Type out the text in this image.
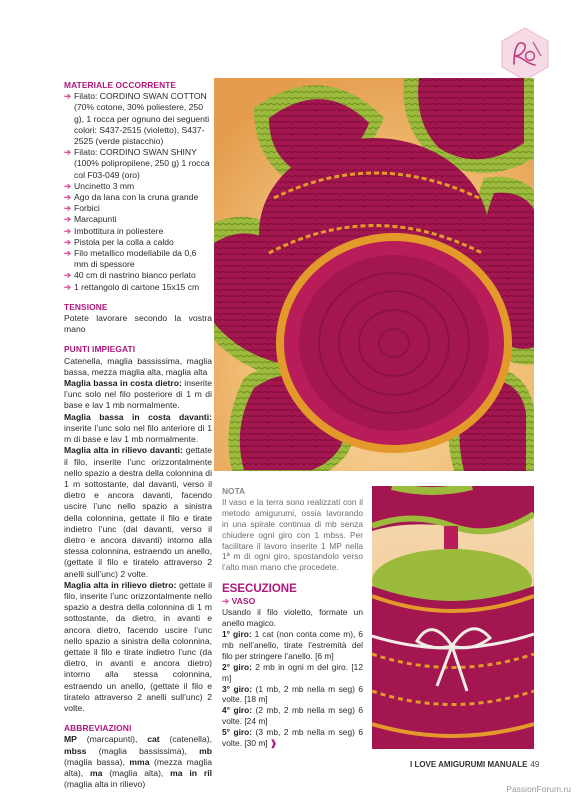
MATERIALE OCCORRENTE
➔ Filato: CORDINO SWAN COTTON (70% cotone, 30% poliestere, 250 g), 1 rocca per ognuno dei seguenti colori: S437-2515 (violetto), S437-2525 (verde pistacchio)
➔ Filato: CORDINO SWAN SHINY (100% polipropilene, 250 g) 1 rocca col F03-049 (oro)
➔ Uncinetto 3 mm
➔ Ago da lana con la cruna grande
➔ Forbici
➔ Marcapunti
➔ Imbottitura in poliestere
➔ Pistola per la colla a caldo
➔ Filo metallico modellabile da 0,6 mm di spessore
➔ 40 cm di nastrino bianco perlato
➔ 1 rettangolo di cartone 15x15 cm
TENSIONE
Potete lavorare secondo la vostra mano
PUNTI IMPIEGATI
Catenella, maglia bassissima, maglia bassa, mezza maglia alta, maglia alta
Maglia bassa in costa dietro: inserite l’unc solo nel filo posteriore di 1 m di base e lav 1 mb normalmente.
Maglia bassa in costa davanti: inserite l’unc solo nel filo anteriore di 1 m di base e lav 1 mb normalmente.
Maglia alta in rilievo davanti: gettate il filo, inserite l’unc orizzontalmente nello spazio a destra della colonnina di 1 m sottostante, dal davanti, verso il dietro e ancora davanti, facendo uscire l’unc nello spazio a sinistra della colonnina, gettate il filo e tirate indietro l’unc (dal davanti, verso il dietro e ancora davanti) intorno alla stessa colonnina, estraendo un anello, (gettate il filo e tiratelo attraverso 2 anelli sull’unc) 2 volte.
Maglia alta in rilievo dietro: gettate il filo, inserite l’unc orizzontalmente nello spazio a destra della colonnina di 1 m sottostante, da dietro, in avanti e ancora dietro, facendo uscire l’unc nello spazio a sinistra della colonnina, gettate il filo e tirate indietro l’unc (da dietro, in avanti e ancora dietro) intorno alla stessa colonnina, estraendo un anello, (gettate il filo e tiratelo attraverso 2 anelli sull’unc) 2 volte.
ABBREVIAZIONI
MP (marcapunti), cat (catenella), mbss (maglia bassissima), mb (maglia bassa), mma (mezza maglia alta), ma (maglia alta), ma in ril (maglia alta in rilievo)
NOTA
Il vaso e la terra sono realizzati con il metodo amigurumi, ossia lavorando in una spirale continua di mb senza chiudere ogni giro con 1 mbss. Per facilitare il lavoro inserite 1 MP nella 1ª m di ogni giro, spostandolo verso l’alto man mano che procedete.
ESECUZIONE
➔ VASO
Usando il filo violetto, formate un anello magico.
1° giro: 1 cat (non conta come m), 6 mb nell’anello, tirate l’estremità del filo per stringere l’anello. [6 m]
2° giro: 2 mb in ogni m del giro. [12 m]
3° giro: (1 mb, 2 mb nella m seg) 6 volte. [18 m]
4° giro: (2 mb, 2 mb nella m seg) 6 volte. [24 m]
5° giro: (3 mb, 2 mb nella m seg) 6 volte. [30 m] ❱
I LOVE AMIGURUMI MANUALE 49
PassionForum.ru
